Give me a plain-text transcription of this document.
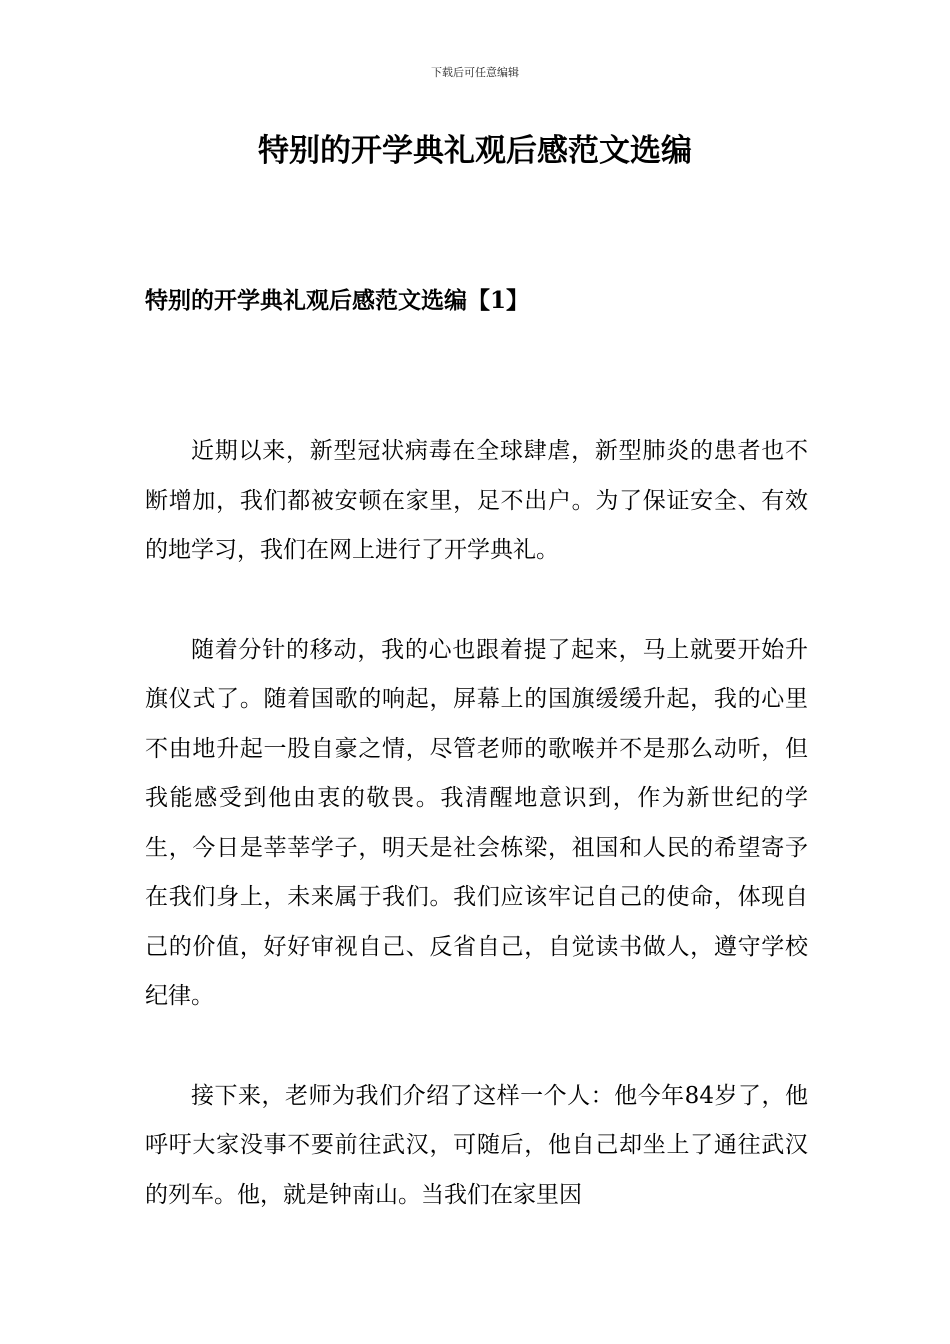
下载后可任意编辑
特别的开学典礼观后感范文选编
特别的开学典礼观后感范文选编【1】

近期以来，新型冠状病毒在全球肆虐，新型肺炎的患者也不断增加，我们都被安顿在家里，足不出户。为了保证安全、有效的地学习，我们在网上进行了开学典礼。

随着分针的移动，我的心也跟着提了起来，马上就要开始升旗仪式了。随着国歌的响起，屏幕上的国旗缓缓升起，我的心里不由地升起一股自豪之情，尽管老师的歌喉并不是那么动听，但我能感受到他由衷的敬畏。我清醒地意识到，作为新世纪的学生，今日是莘莘学子，明天是社会栋梁，祖国和人民的希望寄予在我们身上，未来属于我们。我们应该牢记自己的使命，体现自己的价值，好好审视自己、反省自己，自觉读书做人，遵守学校纪律。

接下来，老师为我们介绍了这样一个人：他今年84岁了，他呼吁大家没事不要前往武汉，可随后，他自己却坐上了通往武汉的列车。他，就是钟南山。当我们在家里因
